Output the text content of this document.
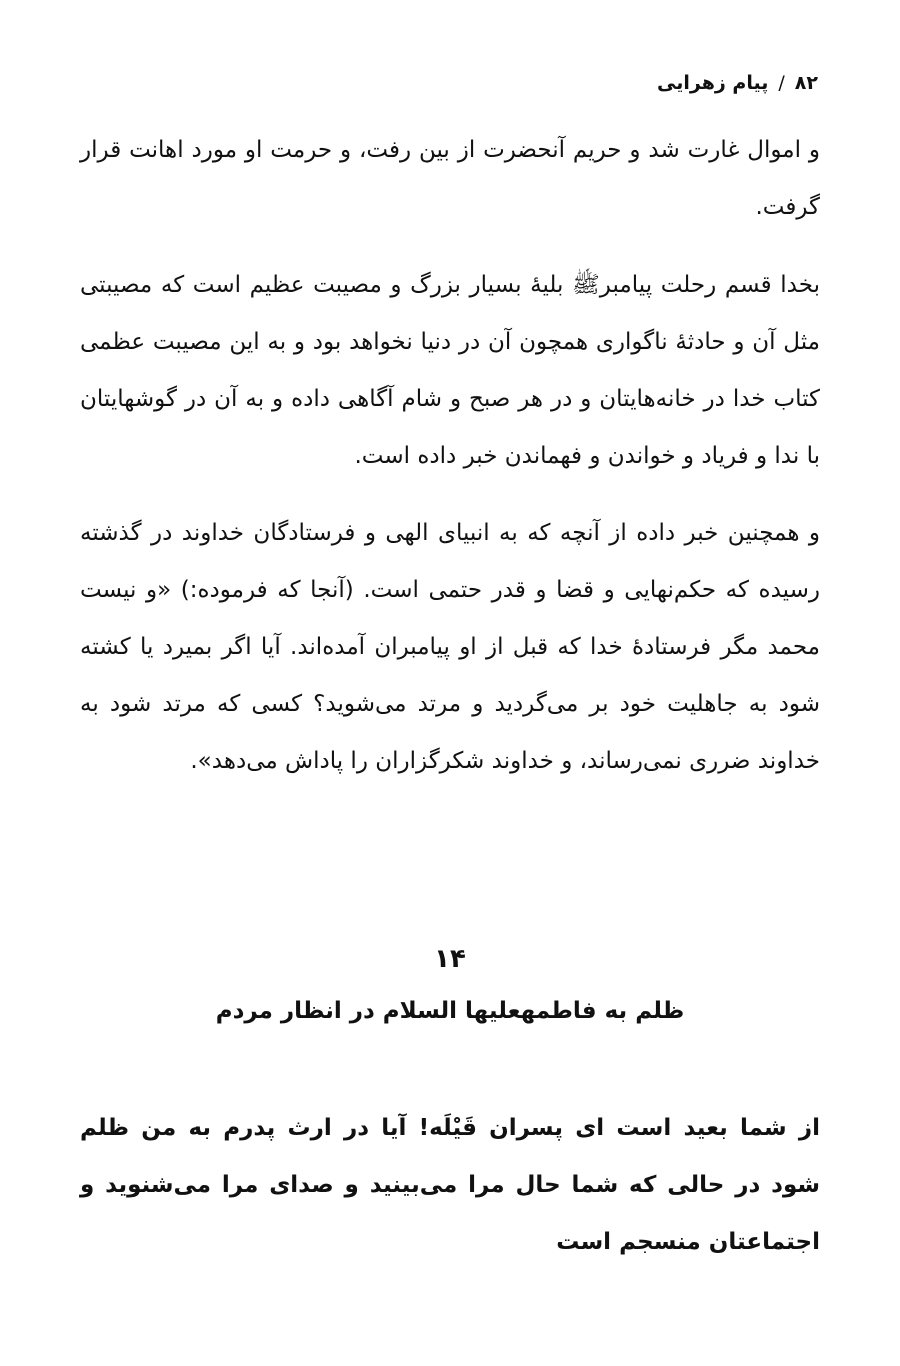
۸۲
/
پیام زهرایی

و اموال غارت شد و حریم آنحضرت از بین رفت، و حرمت او مورد اهانت قرار گرفت.

بخدا قسم رحلت پیامبرﷺ بلیهٔ بسیار بزرگ و مصیبت عظیم است که مصیبتی مثل آن و حادثهٔ ناگواری همچون آن در دنیا نخواهد بود و به این مصیبت عظمی کتاب خدا در خانه‌هایتان و در هر صبح و شام آگاهی داده و به آن در گوشهایتان با ندا و فریاد و خواندن و فهماندن خبر داده است.

و همچنین خبر داده از آنچه که به انبیای الهی و فرستادگان خداوند در گذشته رسیده که حکم‌نهایی و قضا و قدر حتمی است. (آنجا که فرموده:) «و نیست محمد مگر فرستادهٔ خدا که قبل از او پیامبران آمده‌اند. آیا اگر بمیرد یا کشته شود به جاهلیت خود بر می‌گردید و مرتد می‌شوید؟ کسی که مرتد شود به خداوند ضرری نمی‌رساند، و خداوند شکرگزاران را پاداش می‌دهد».

۱۴
ظلم به فاطمهعليها السلام در انظار مردم

از شما بعید است ای پسران قَیْلَه! آیا در ارث پدرم به من ظلم شود در حالی که شما حال مرا می‌بینید و صدای مرا می‌شنوید و اجتماعتان منسجم است
